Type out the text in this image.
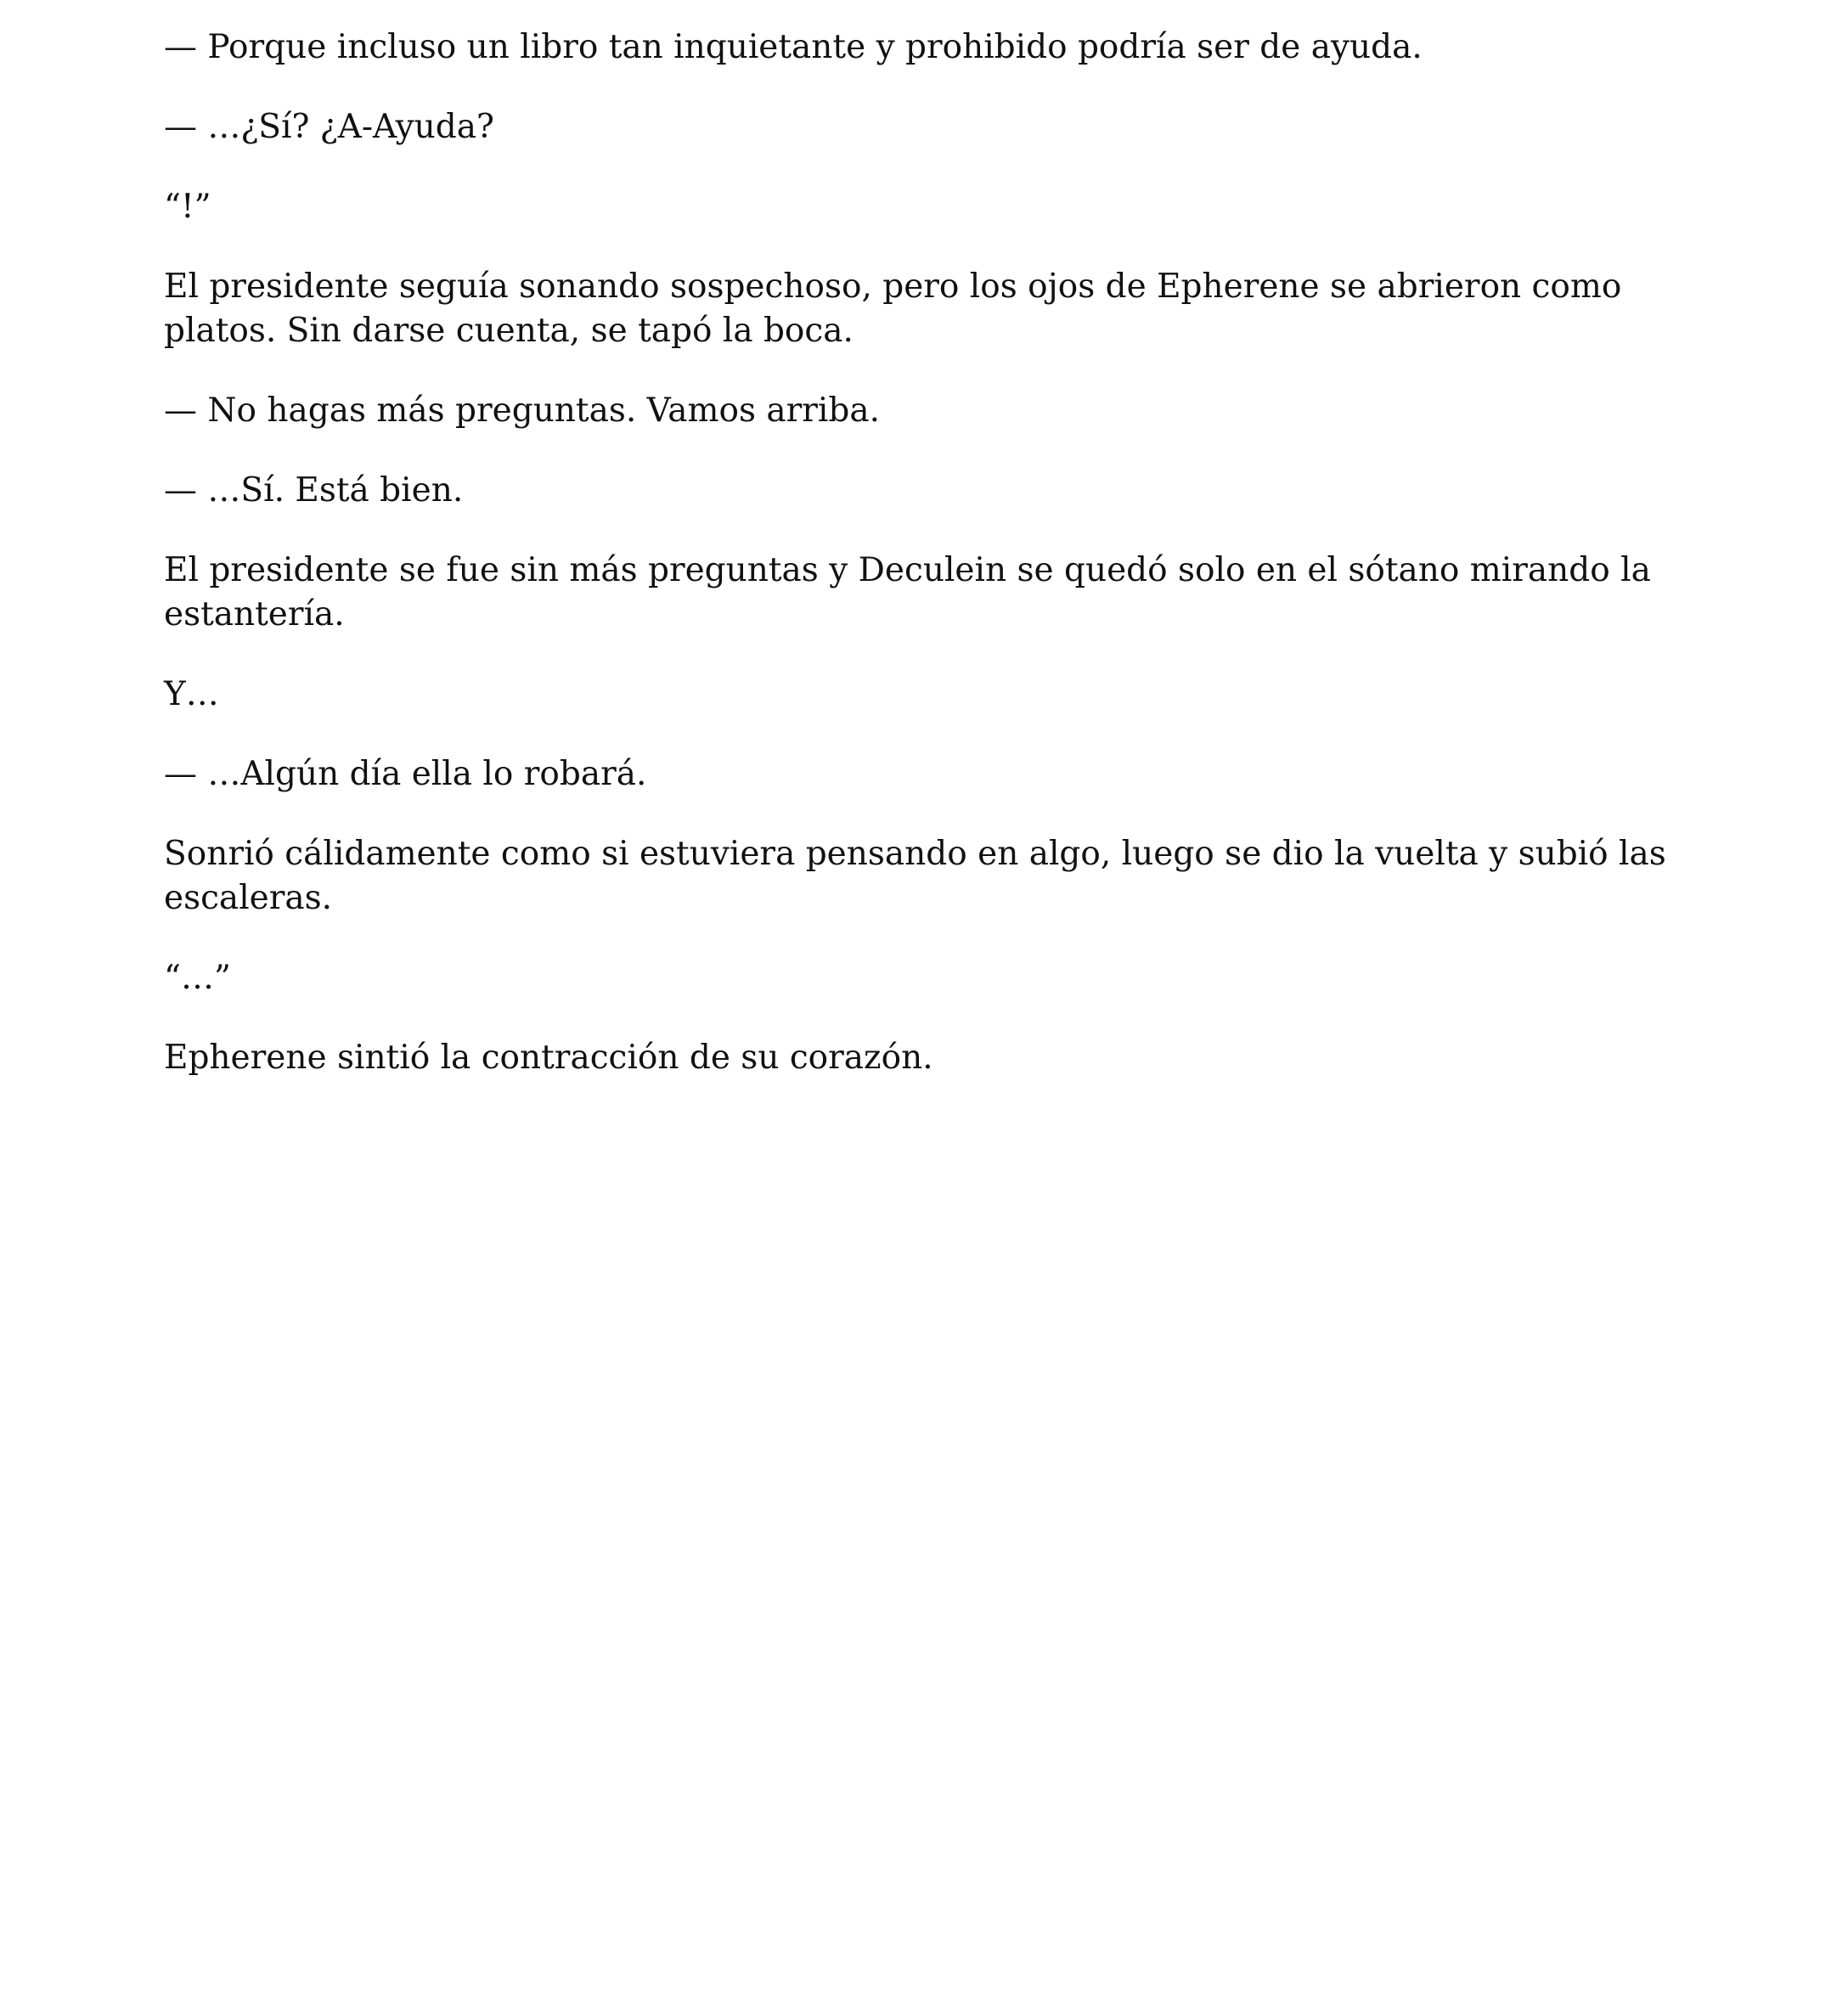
— Porque incluso un libro tan inquietante y prohibido podría ser de ayuda.

— …¿Sí? ¿A-Ayuda?

“!”

El presidente seguía sonando sospechoso, pero los ojos de Epherene se abrieron como platos. Sin darse cuenta, se tapó la boca.

— No hagas más preguntas. Vamos arriba.

— …Sí. Está bien.

El presidente se fue sin más preguntas y Deculein se quedó solo en el sótano mirando la estantería.

Y…

— …Algún día ella lo robará.

Sonrió cálidamente como si estuviera pensando en algo, luego se dio la vuelta y subió las escaleras.

“…”

Epherene sintió la contracción de su corazón.
